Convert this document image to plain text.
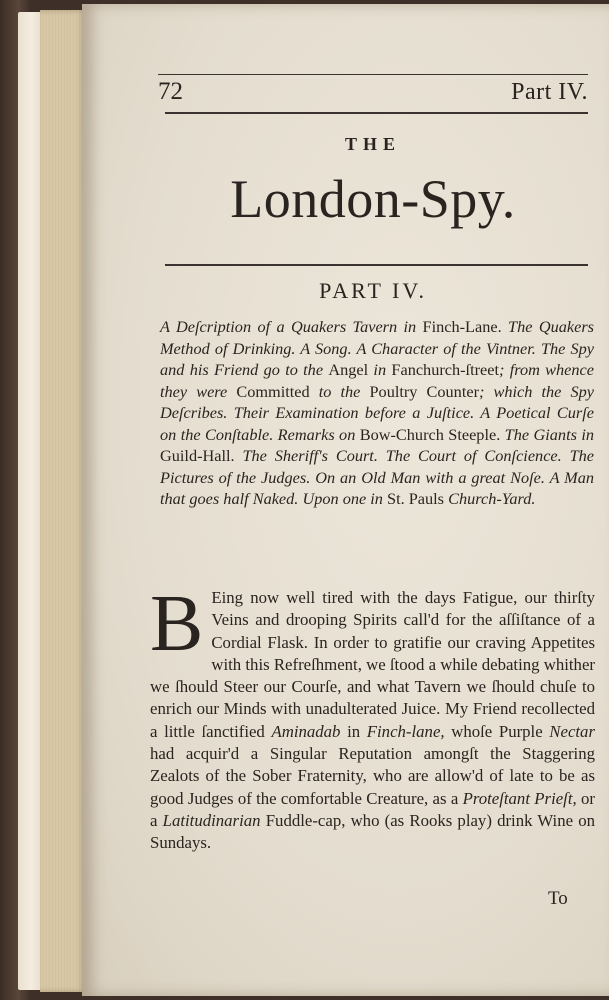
72	Part IV.
THE
London-Spy.
PART IV.
A Deſcription of a Quakers Tavern in Finch-Lane. The Quakers Method of Drinking. A Song. A Character of the Vintner. The Spy and his Friend go to the Angel in Fanchurch-ſtreet; from whence they were Committed to the Poultry Counter; which the Spy Deſcribes. Their Examination before a Juſtice. A Poetical Curſe on the Conſtable. Remarks on Bow-Church Steeple. The Giants in Guild-Hall. The Sheriff's Court. The Court of Conſcience. The Pictures of the Judges. On an Old Man with a great Noſe. A Man that goes half Naked. Upon one in St. Pauls Church-Yard.
B Eing now well tired with the days Fatigue, our thirſty Veins and drooping Spirits call'd for the aſſiſtance of a Cordial Flask. In order to gratifie our craving Appetites with this Refreſhment, we ſtood a while debating whither we ſhould Steer our Courſe, and what Tavern we ſhould chuſe to enrich our Minds with unadulterated Juice. My Friend recollected a little ſanctified Aminadab in Finch-lane, whoſe Purple Nectar had acquir'd a Singular Reputation amongſt the Staggering Zealots of the Sober Fraternity, who are allow'd of late to be as good Judges of the comfortable Creature, as a Proteſtant Prieſt, or a Latitudinarian Fuddle-cap, who (as Rooks play) drink Wine on Sundays.
To
